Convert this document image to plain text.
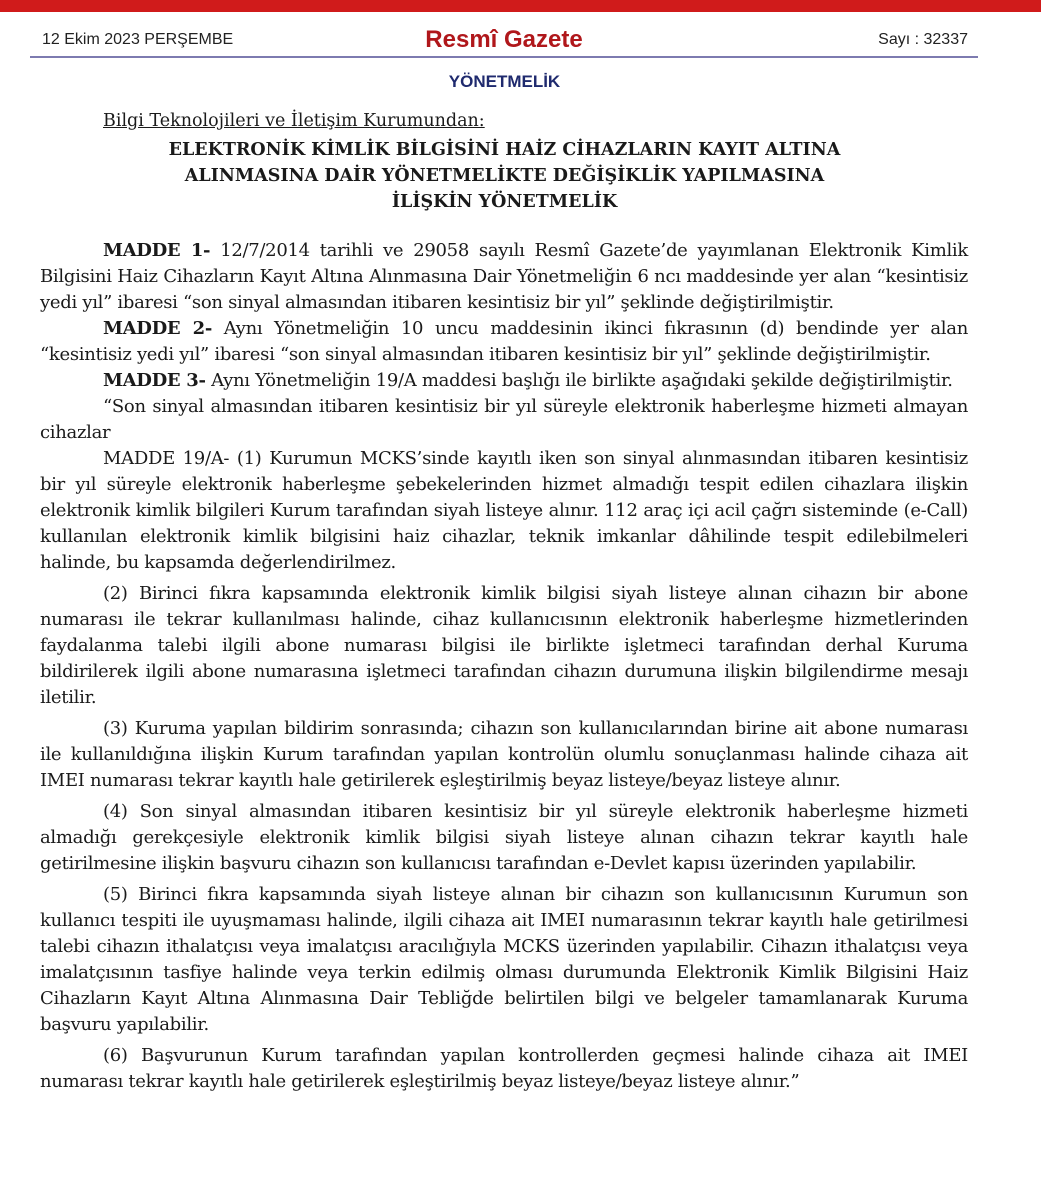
12 Ekim 2023 PERŞEMBE	Resmî Gazete	Sayı : 32337
YÖNETMELİK
Bilgi Teknolojileri ve İletişim Kurumundan:
ELEKTRONİK KİMLİK BİLGİSİNİ HAİZ CİHAZLARIN KAYIT ALTINA
ALINMASINA DAİR YÖNETMELİKTE DEĞİŞİKLİK YAPILMASINA
İLİŞKİN YÖNETMELİK

MADDE 1- 12/7/2014 tarihli ve 29058 sayılı Resmî Gazete’de yayımlanan Elektronik Kimlik Bilgisini Haiz Cihazların Kayıt Altına Alınmasına Dair Yönetmeliğin 6 ncı maddesinde yer alan “kesintisiz yedi yıl” ibaresi “son sinyal almasından itibaren kesintisiz bir yıl” şeklinde değiştirilmiştir.

MADDE 2- Aynı Yönetmeliğin 10 uncu maddesinin ikinci fıkrasının (d) bendinde yer alan “kesintisiz yedi yıl” ibaresi “son sinyal almasından itibaren kesintisiz bir yıl” şeklinde değiştirilmiştir.

MADDE 3- Aynı Yönetmeliğin 19/A maddesi başlığı ile birlikte aşağıdaki şekilde değiştirilmiştir.

“Son sinyal almasından itibaren kesintisiz bir yıl süreyle elektronik haberleşme hizmeti almayan cihazlar

MADDE 19/A- (1) Kurumun MCKS’sinde kayıtlı iken son sinyal alınmasından itibaren kesintisiz bir yıl süreyle elektronik haberleşme şebekelerinden hizmet almadığı tespit edilen cihazlara ilişkin elektronik kimlik bilgileri Kurum tarafından siyah listeye alınır. 112 araç içi acil çağrı sisteminde (e-Call) kullanılan elektronik kimlik bilgisini haiz cihazlar, teknik imkanlar dâhilinde tespit edilebilmeleri halinde, bu kapsamda değerlendirilmez.

(2) Birinci fıkra kapsamında elektronik kimlik bilgisi siyah listeye alınan cihazın bir abone numarası ile tekrar kullanılması halinde, cihaz kullanıcısının elektronik haberleşme hizmetlerinden faydalanma talebi ilgili abone numarası bilgisi ile birlikte işletmeci tarafından derhal Kuruma bildirilerek ilgili abone numarasına işletmeci tarafından cihazın durumuna ilişkin bilgilendirme mesajı iletilir.

(3) Kuruma yapılan bildirim sonrasında; cihazın son kullanıcılarından birine ait abone numarası ile kullanıldığına ilişkin Kurum tarafından yapılan kontrolün olumlu sonuçlanması halinde cihaza ait IMEI numarası tekrar kayıtlı hale getirilerek eşleştirilmiş beyaz listeye/beyaz listeye alınır.

(4) Son sinyal almasından itibaren kesintisiz bir yıl süreyle elektronik haberleşme hizmeti almadığı gerekçesiyle elektronik kimlik bilgisi siyah listeye alınan cihazın tekrar kayıtlı hale getirilmesine ilişkin başvuru cihazın son kullanıcısı tarafından e-Devlet kapısı üzerinden yapılabilir.

(5) Birinci fıkra kapsamında siyah listeye alınan bir cihazın son kullanıcısının Kurumun son kullanıcı tespiti ile uyuşmaması halinde, ilgili cihaza ait IMEI numarasının tekrar kayıtlı hale getirilmesi talebi cihazın ithalatçısı veya imalatçısı aracılığıyla MCKS üzerinden yapılabilir. Cihazın ithalatçısı veya imalatçısının tasfiye halinde veya terkin edilmiş olması durumunda Elektronik Kimlik Bilgisini Haiz Cihazların Kayıt Altına Alınmasına Dair Tebliğde belirtilen bilgi ve belgeler tamamlanarak Kuruma başvuru yapılabilir.

(6) Başvurunun Kurum tarafından yapılan kontrollerden geçmesi halinde cihaza ait IMEI numarası tekrar kayıtlı hale getirilerek eşleştirilmiş beyaz listeye/beyaz listeye alınır.”
